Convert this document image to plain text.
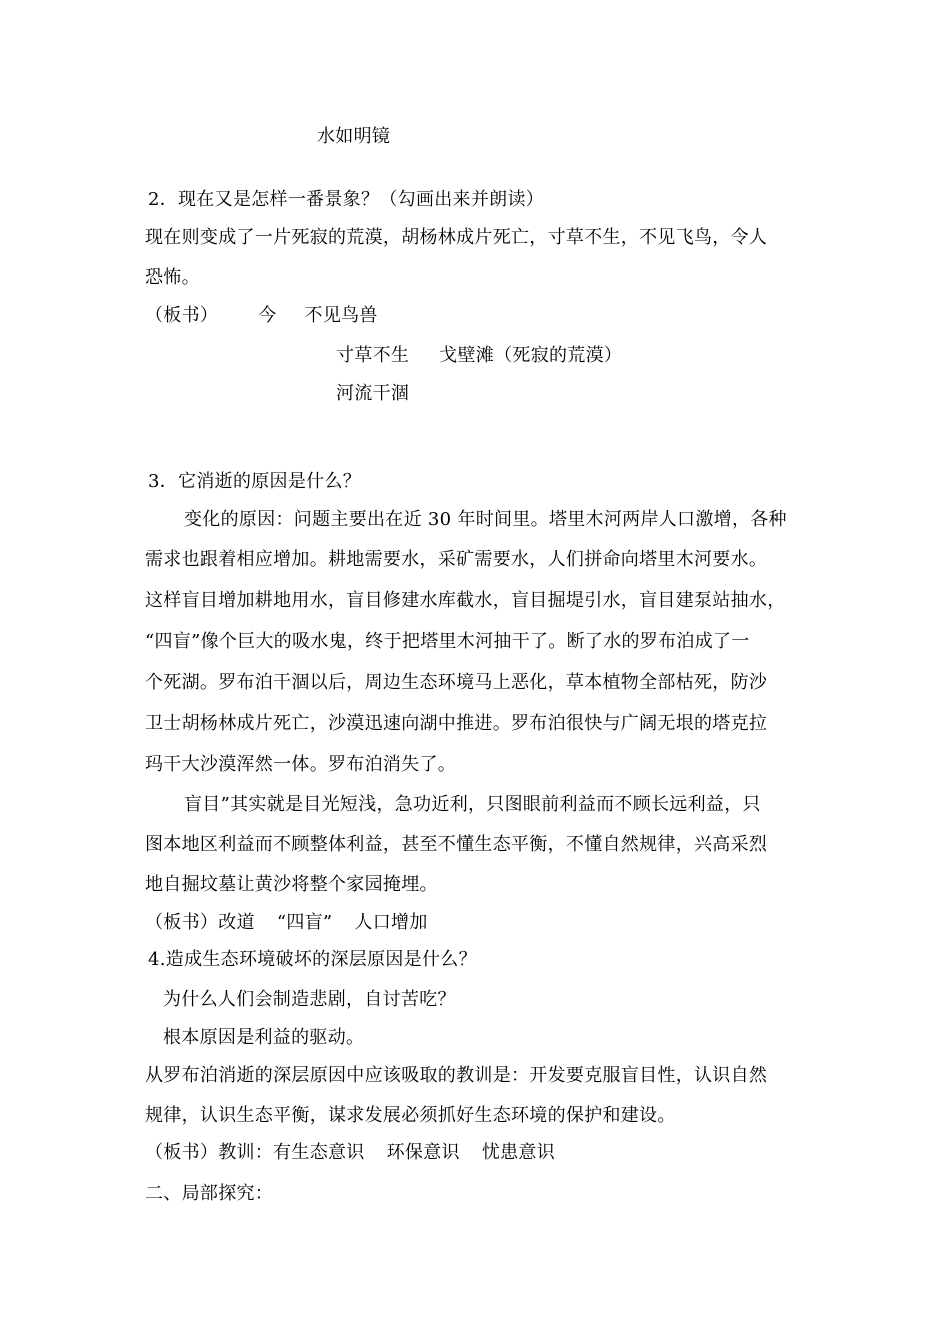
水如明镜
2．现在又是怎样一番景象？（勾画出来并朗读）
现在则变成了一片死寂的荒漠，胡杨林成片死亡，寸草不生，不见飞鸟，令人
恐怖。
（板书） 今 不见鸟兽
寸草不生 戈壁滩（死寂的荒漠）
河流干涸
3．它消逝的原因是什么？
变化的原因：问题主要出在近 30 年时间里。塔里木河两岸人口激增，各种
需求也跟着相应增加。耕地需要水，采矿需要水，人们拼命向塔里木河要水。
这样盲目增加耕地用水，盲目修建水库截水，盲目掘堤引水，盲目建泵站抽水，
“四盲”像个巨大的吸水鬼，终于把塔里木河抽干了。断了水的罗布泊成了一
个死湖。罗布泊干涸以后，周边生态环境马上恶化，草本植物全部枯死，防沙
卫士胡杨林成片死亡，沙漠迅速向湖中推进。罗布泊很快与广阔无垠的塔克拉
玛干大沙漠浑然一体。罗布泊消失了。
盲目”其实就是目光短浅，急功近利，只图眼前利益而不顾长远利益，只
图本地区利益而不顾整体利益，甚至不懂生态平衡，不懂自然规律，兴高采烈
地自掘坟墓让黄沙将整个家园掩埋。
（板书）改道 “四盲” 人口增加
4.造成生态环境破坏的深层原因是什么？
为什么人们会制造悲剧，自讨苦吃？
根本原因是利益的驱动。
从罗布泊消逝的深层原因中应该吸取的教训是：开发要克服盲目性，认识自然
规律，认识生态平衡，谋求发展必须抓好生态环境的保护和建设。
（板书）教训：有生态意识 环保意识 忧患意识
二、局部探究：
